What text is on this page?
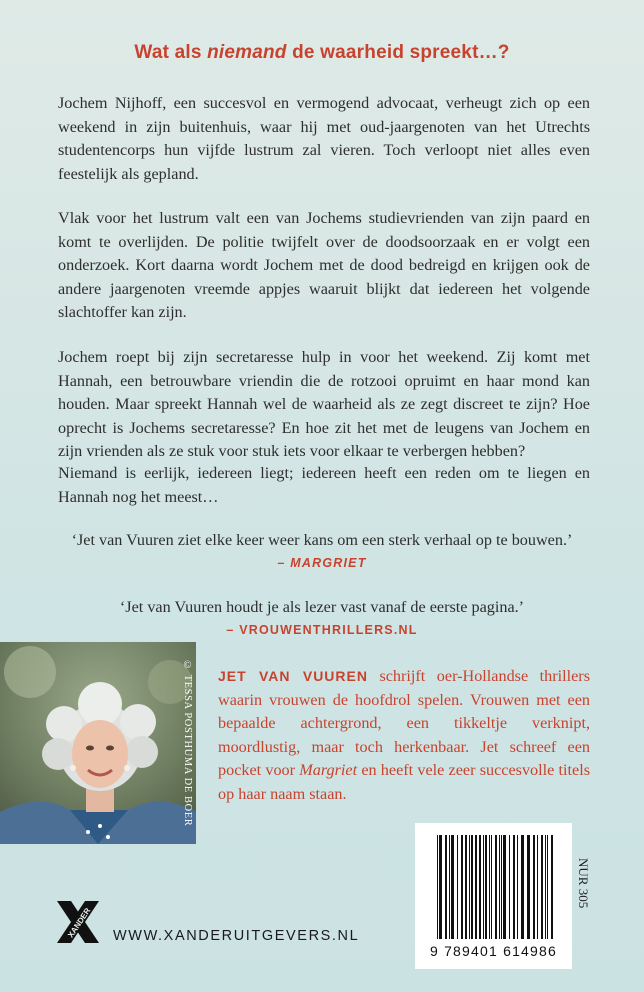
Wat als niemand de waarheid spreekt…?

Jochem Nijhoff, een succesvol en vermogend advocaat, verheugt zich op een weekend in zijn buitenhuis, waar hij met oud-jaargenoten van het Utrechts studentencorps hun vijfde lustrum zal vieren. Toch verloopt niet alles even feestelijk als gepland.

Vlak voor het lustrum valt een van Jochems studievrienden van zijn paard en komt te overlijden. De politie twijfelt over de doodsoorzaak en er volgt een onderzoek. Kort daarna wordt Jochem met de dood bedreigd en krijgen ook de andere jaargenoten vreemde appjes waaruit blijkt dat iedereen het volgende slachtoffer kan zijn.

Jochem roept bij zijn secretaresse hulp in voor het weekend. Zij komt met Hannah, een betrouwbare vriendin die de rotzooi opruimt en haar mond kan houden. Maar spreekt Hannah wel de waarheid als ze zegt discreet te zijn? Hoe oprecht is Jochems secretaresse? En hoe zit het met de leugens van Jochem en zijn vrienden als ze stuk voor stuk iets voor elkaar te verbergen hebben?

Niemand is eerlijk, iedereen liegt; iedereen heeft een reden om te liegen en Hannah nog het meest…

‘Jet van Vuuren ziet elke keer weer kans om een sterk verhaal op te bouwen.’
– MARGRIET
‘Jet van Vuuren houdt je als lezer vast vanaf de eerste pagina.’
– VROUWENTHRILLERS.NL
© TESSA POSTHUMA DE BOER JET VAN VUUREN schrijft oer-Hollandse thrillers waarin vrouwen de hoofdrol spelen. Vrouwen met een bepaalde achtergrond, een tikkeltje verknipt, moordlustig, maar toch herkenbaar. Jet schreef een pocket voor Margriet en heeft vele zeer succesvolle titels op haar naam staan.

9 789401 614986
NUR 305
XANDER WWW.XANDERUITGEVERS.NL
